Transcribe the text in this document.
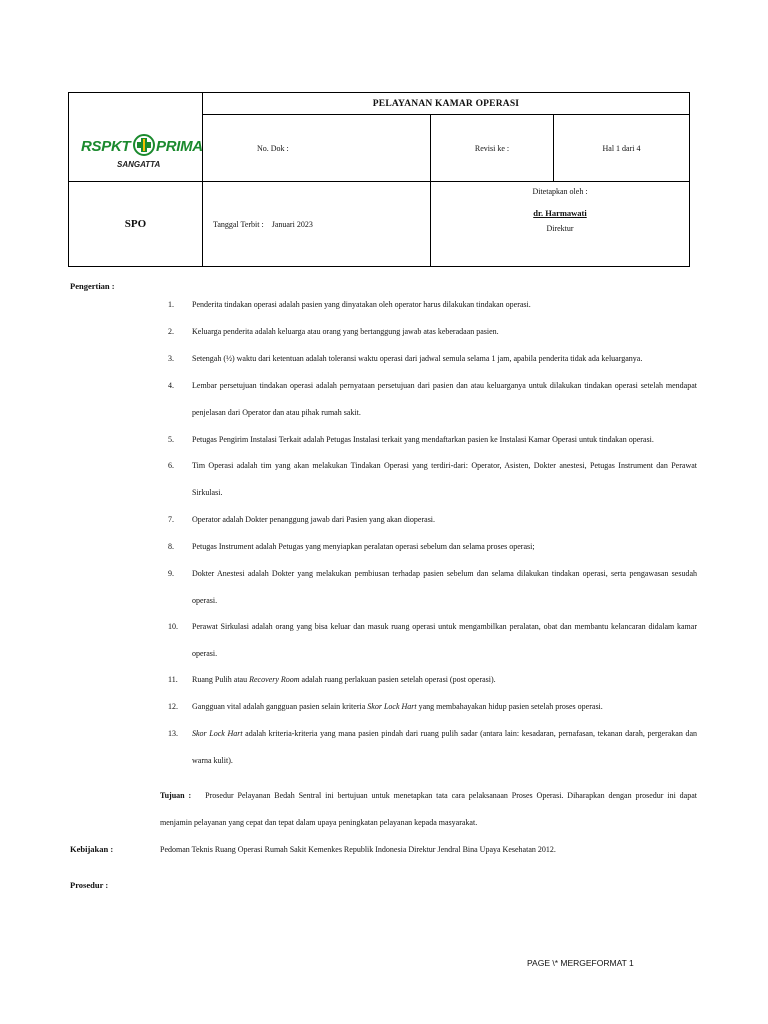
RSPKT PRIMA
SANGATTA
PELAYANAN KAMAR OPERASI
No. Dok :	Revisi ke :	Hal 1 dari 4
SPO	Tanggal Terbit : Januari 2023
Ditetapkan oleh :
dr. Harmawati
Direktur
Pengertian :
1. Penderita tindakan operasi adalah pasien yang dinyatakan oleh operator harus dilakukan tindakan operasi.
2. Keluarga penderita adalah keluarga atau orang yang bertanggung jawab atas keberadaan pasien.
3. Setengah (½) waktu dari ketentuan adalah toleransi waktu operasi dari jadwal semula selama 1 jam, apabila penderita tidak ada keluarganya.
4. Lembar persetujuan tindakan operasi adalah pernyataan persetujuan dari pasien dan atau keluarganya untuk dilakukan tindakan operasi setelah mendapat penjelasan dari Operator dan atau pihak rumah sakit.
5. Petugas Pengirim Instalasi Terkait adalah Petugas Instalasi terkait yang mendaftarkan pasien ke Instalasi Kamar Operasi untuk tindakan operasi.
6. Tim Operasi adalah tim yang akan melakukan Tindakan Operasi yang terdiri-dari: Operator, Asisten, Dokter anestesi, Petugas Instrument dan Perawat Sirkulasi.
7. Operator adalah Dokter penanggung jawab dari Pasien yang akan dioperasi.
8. Petugas Instrument adalah Petugas yang menyiapkan peralatan operasi sebelum dan selama proses operasi;
9. Dokter Anestesi adalah Dokter yang melakukan pembiusan terhadap pasien sebelum dan selama dilakukan tindakan operasi, serta pengawasan sesudah operasi.
10. Perawat Sirkulasi adalah orang yang bisa keluar dan masuk ruang operasi untuk mengambilkan peralatan, obat dan membantu kelancaran didalam kamar operasi.
11. Ruang Pulih atau Recovery Room adalah ruang perlakuan pasien setelah operasi (post operasi).
12. Gangguan vital adalah gangguan pasien selain kriteria Skor Lock Hart yang membahayakan hidup pasien setelah proses operasi.
13. Skor Lock Hart adalah kriteria-kriteria yang mana pasien pindah dari ruang pulih sadar (antara lain: kesadaran, pernafasan, tekanan darah, pergerakan dan warna kulit).
Tujuan : Prosedur Pelayanan Bedah Sentral ini bertujuan untuk menetapkan tata cara pelaksanaan Proses Operasi. Diharapkan dengan prosedur ini dapat menjamin pelayanan yang cepat dan tepat dalam upaya peningkatan pelayanan kepada masyarakat.
Kebijakan :	Pedoman Teknis Ruang Operasi Rumah Sakit Kemenkes Republik Indonesia Direktur Jendral Bina Upaya Kesehatan 2012.
Prosedur :
PAGE \* MERGEFORMAT 1
